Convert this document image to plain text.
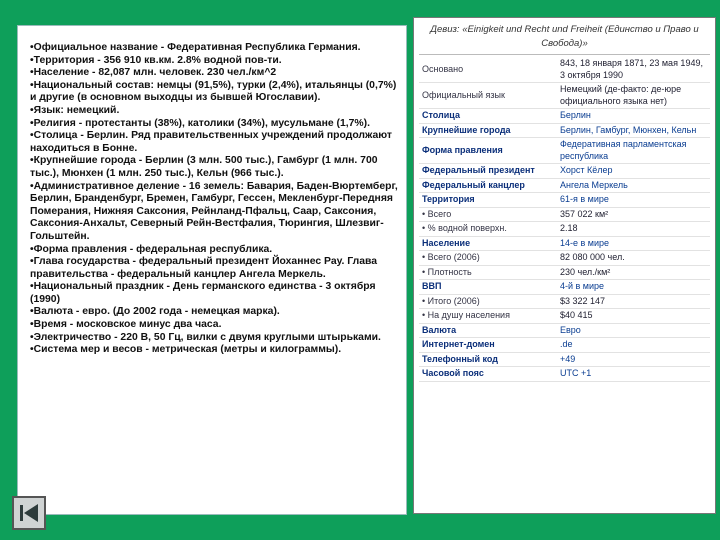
•Официальное название - Федеративная Республика Германия.
•Территория - 356 910 кв.км. 2.8% водной пов-ти.
•Население - 82,087 млн. человек. 230 чел./км^2
•Национальный состав: немцы (91,5%), турки (2,4%), итальянцы (0,7%) и другие (в основном выходцы из бывшей Югославии).
•Язык: немецкий.
•Религия - протестанты (38%), католики (34%), мусульмане (1,7%).
•Столица - Берлин. Ряд правительственных учреждений продолжают находиться в Бонне.
•Крупнейшие города - Берлин (3 млн. 500 тыс.), Гамбург (1 млн. 700 тыс.), Мюнхен (1 млн. 250 тыс.), Кельн (966 тыс.).
•Административное деление - 16 земель: Бавария, Баден-Вюртемберг, Берлин, Бранденбург, Бремен, Гамбург, Гессен, Мекленбург-Передняя Померания, Нижняя Саксония, Рейнланд-Пфальц, Саар, Саксония, Саксония-Анхальт, Северный Рейн-Вестфалия, Тюрингия, Шлезвиг-Гольштейн.
•Форма правления - федеральная республика.
•Глава государства - федеральный президент Йоханнес Рау. Глава правительства - федеральный канцлер Ангела Меркель.
•Национальный праздник - День германского единства - 3 октября (1990)
•Валюта - евро. (До 2002 года - немецкая марка).
•Время - московское минус два часа.
•Электричество - 220 В, 50 Гц, вилки с двумя круглыми штырьками.
•Система мер и весов - метрическая (метры и килограммы).
Девиз: «Einigkeit und Recht und Freiheit (Единство и Право и Свобода)»
Основано	843, 18 января 1871, 23 мая 1949, 3 октября 1990
Официальный язык	Немецкий (де-факто: де-юре официального языка нет)
Столица	Берлин
Крупнейшие города	Берлин, Гамбург, Мюнхен, Кельн
Форма правления	Федеративная парламентская республика
Федеральный президент	Хорст Кёлер
Федеральный канцлер	Ангела Меркель
Территория	61-я в мире
• Всего	357 022 км²
• % водной поверхн.	2.18
Население	14-е в мире
• Всего (2006)	82 080 000 чел.
• Плотность	230 чел./км²
ВВП	4-й в мире
• Итого (2006)	$3 322 147
• На душу населения	$40 415
Валюта	Евро
Интернет-домен	.de
Телефонный код	+49
Часовой пояс	UTC +1
